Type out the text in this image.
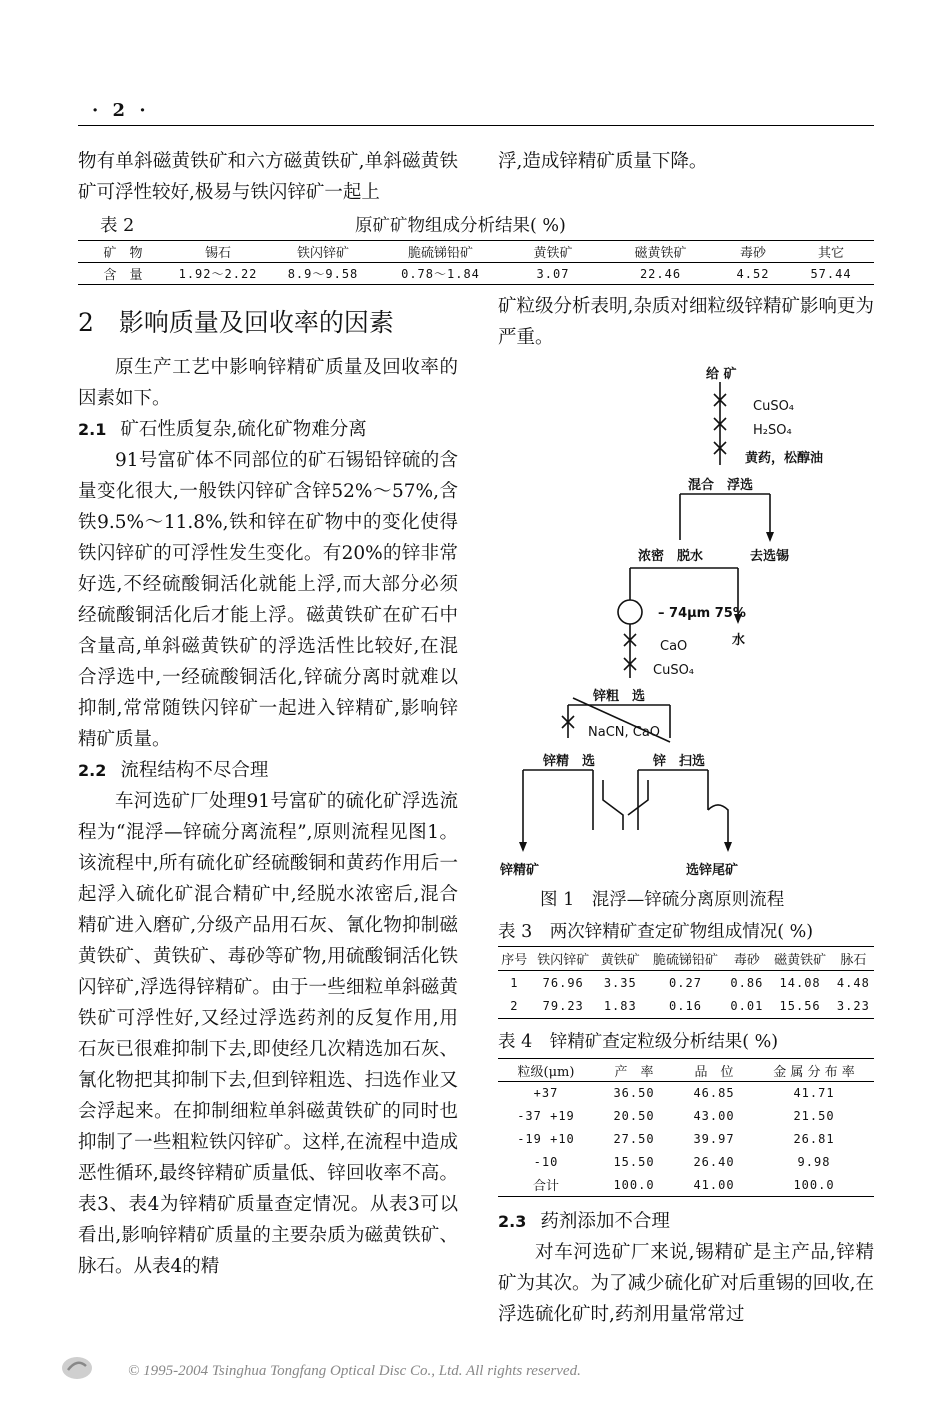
· 2 ·
物有单斜磁黄铁矿和六方磁黄铁矿,单斜磁黄铁矿可浮性较好,极易与铁闪锌矿一起上
浮,造成锌精矿质量下降。
表 2	原矿矿物组成分析结果( %)
矿　物	锡石	铁闪锌矿	脆硫锑铅矿	黄铁矿	磁黄铁矿	毒砂	其它
含　量	1.92～2.22	8.9～9.58	0.78～1.84	3.07	22.46	4.52	57.44
2　影响质量及回收率的因素
原生产工艺中影响锌精矿质量及回收率的因素如下。
2.1 矿石性质复杂,硫化矿物难分离
91号富矿体不同部位的矿石锡铅锌硫的含量变化很大,一般铁闪锌矿含锌52%～57%,含铁9.5%～11.8%,铁和锌在矿物中的变化使得铁闪锌矿的可浮性发生变化。有20%的锌非常好选,不经硫酸铜活化就能上浮,而大部分必须经硫酸铜活化后才能上浮。磁黄铁矿在矿石中含量高,单斜磁黄铁矿的浮选活性比较好,在混合浮选中,一经硫酸铜活化,锌硫分离时就难以抑制,常常随铁闪锌矿一起进入锌精矿,影响锌精矿质量。
2.2 流程结构不尽合理
车河选矿厂处理91号富矿的硫化矿浮选流程为“混浮—锌硫分离流程”,原则流程见图1。该流程中,所有硫化矿经硫酸铜和黄药作用后一起浮入硫化矿混合精矿中,经脱水浓密后,混合精矿进入磨矿,分级产品用石灰、氰化物抑制磁黄铁矿、黄铁矿、毒砂等矿物,用硫酸铜活化铁闪锌矿,浮选得锌精矿。由于一些细粒单斜磁黄铁矿可浮性好,又经过浮选药剂的反复作用,用石灰已很难抑制下去,即使经几次精选加石灰、氰化物把其抑制下去,但到锌粗选、扫选作业又会浮起来。在抑制细粒单斜磁黄铁矿的同时也抑制了一些粗粒铁闪锌矿。这样,在流程中造成恶性循环,最终锌精矿质量低、锌回收率不高。表3、表4为锌精矿质量查定情况。从表3可以看出,影响锌精矿质量的主要杂质为磁黄铁矿、脉石。从表4的精
矿粒级分析表明,杂质对细粒级锌精矿影响更为严重。
给 矿
CuSO₄
H₂SO₄
黄药，松醇油
混合　浮选
去选锡
浓密　脱水
– 74μm 75%
水
CaO
CuSO₄
锌粗　选
NaCN, CaO
锌精　选	锌　扫选
锌精矿	选锌尾矿
图 1　混浮—锌硫分离原则流程
表 3　两次锌精矿查定矿物组成情况( %)
序号	铁闪锌矿	黄铁矿	脆硫锑铅矿	毒砂	磁黄铁矿	脉石
1	76.96	3.35	0.27	0.86	14.08	4.48
2	79.23	1.83	0.16	0.01	15.56	3.23
表 4　锌精矿查定粒级分析结果( %)
粒级(μm)	产　率	品　位	金 属 分 布 率
+37	36.50	46.85	41.71
-37 +19	20.50	43.00	21.50
-19 +10	27.50	39.97	26.81
-10	15.50	26.40	9.98
合计	100.0	41.00	100.0
2.3 药剂添加不合理
对车河选矿厂来说,锡精矿是主产品,锌精矿为其次。为了减少硫化矿对后重锡的回收,在浮选硫化矿时,药剂用量常常过
© 1995-2004 Tsinghua Tongfang Optical Disc Co., Ltd. All rights reserved.
